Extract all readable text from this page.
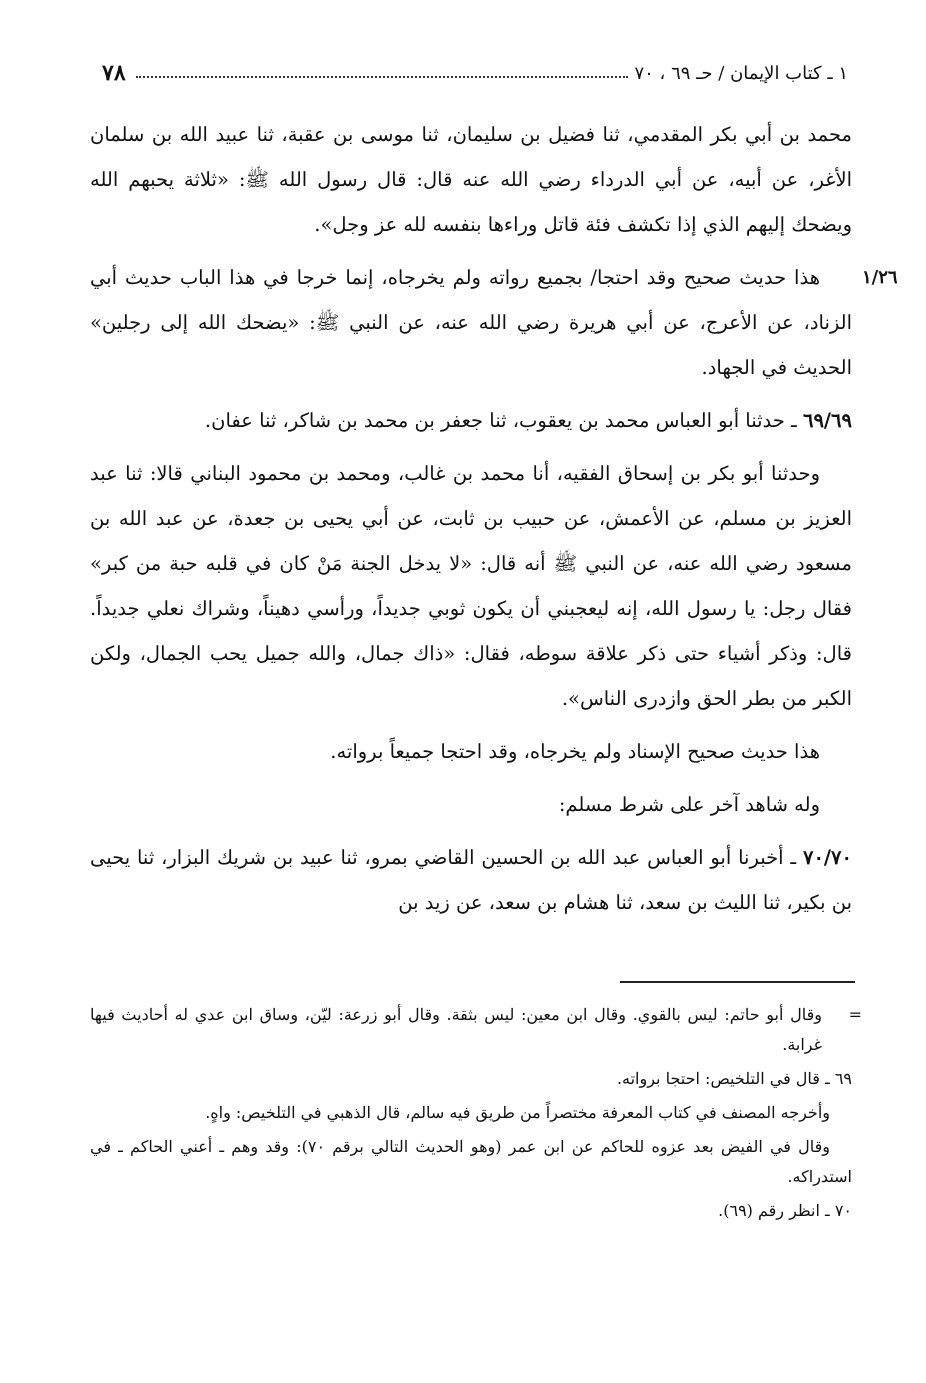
١ ـ كتاب الإيمان / حـ ٦٩ ، ٧٠
٧٨

محمد بن أبي بكر المقدمي، ثنا فضيل بن سليمان، ثنا موسى بن عقبة، ثنا عبيد الله بن سلمان الأغر، عن أبيه، عن أبي الدرداء رضي الله عنه قال: قال رسول الله ﷺ: «ثلاثة يحبهم الله ويضحك إليهم الذي إذا تكشف فئة قاتل وراءها بنفسه لله عز وجل».

١/٢٦

هذا حديث صحيح وقد احتجا/ بجميع رواته ولم يخرجاه، إنما خرجا في هذا الباب حديث أبي الزناد، عن الأعرج، عن أبي هريرة رضي الله عنه، عن النبي ﷺ: «يضحك الله إلى رجلين» الحديث في الجهاد.

٦٩/٦٩ ـ حدثنا أبو العباس محمد بن يعقوب، ثنا جعفر بن محمد بن شاكر، ثنا عفان.

وحدثنا أبو بكر بن إسحاق الفقيه، أنا محمد بن غالب، ومحمد بن محمود البناني قالا: ثنا عبد العزيز بن مسلم، عن الأعمش، عن حبيب بن ثابت، عن أبي يحيى بن جعدة، عن عبد الله بن مسعود رضي الله عنه، عن النبي ﷺ أنه قال: «لا يدخل الجنة مَنْ كان في قلبه حبة من كبر» فقال رجل: يا رسول الله، إنه ليعجبني أن يكون ثوبي جديداً، ورأسي دهيناً، وشراك نعلي جديداً. قال: وذكر أشياء حتى ذكر علاقة سوطه، فقال: «ذاك جمال، والله جميل يحب الجمال، ولكن الكبر من بطر الحق وازدرى الناس».

هذا حديث صحيح الإسناد ولم يخرجاه، وقد احتجا جميعاً برواته.

وله شاهد آخر على شرط مسلم:

٧٠/٧٠ ـ أخبرنا أبو العباس عبد الله بن الحسين القاضي بمرو، ثنا عبيد بن شريك البزار، ثنا يحيى بن بكير، ثنا الليث بن سعد، ثنا هشام بن سعد، عن زيد بن

=
وقال أبو حاتم: ليس بالقوي. وقال ابن معين: ليس بثقة. وقال أبو زرعة: ليّن، وساق ابن عدي له أحاديث فيها غرابة.

٦٩ ـ قال في التلخيص: احتجا برواته.

وأخرجه المصنف في كتاب المعرفة مختصراً من طريق فيه سالم، قال الذهبي في التلخيص: واهٍ.

وقال في الفيض بعد عزوه للحاكم عن ابن عمر (وهو الحديث التالي برقم ٧٠): وقد وهم ـ أعني الحاكم ـ في استدراكه.

٧٠ ـ انظر رقم (٦٩).
